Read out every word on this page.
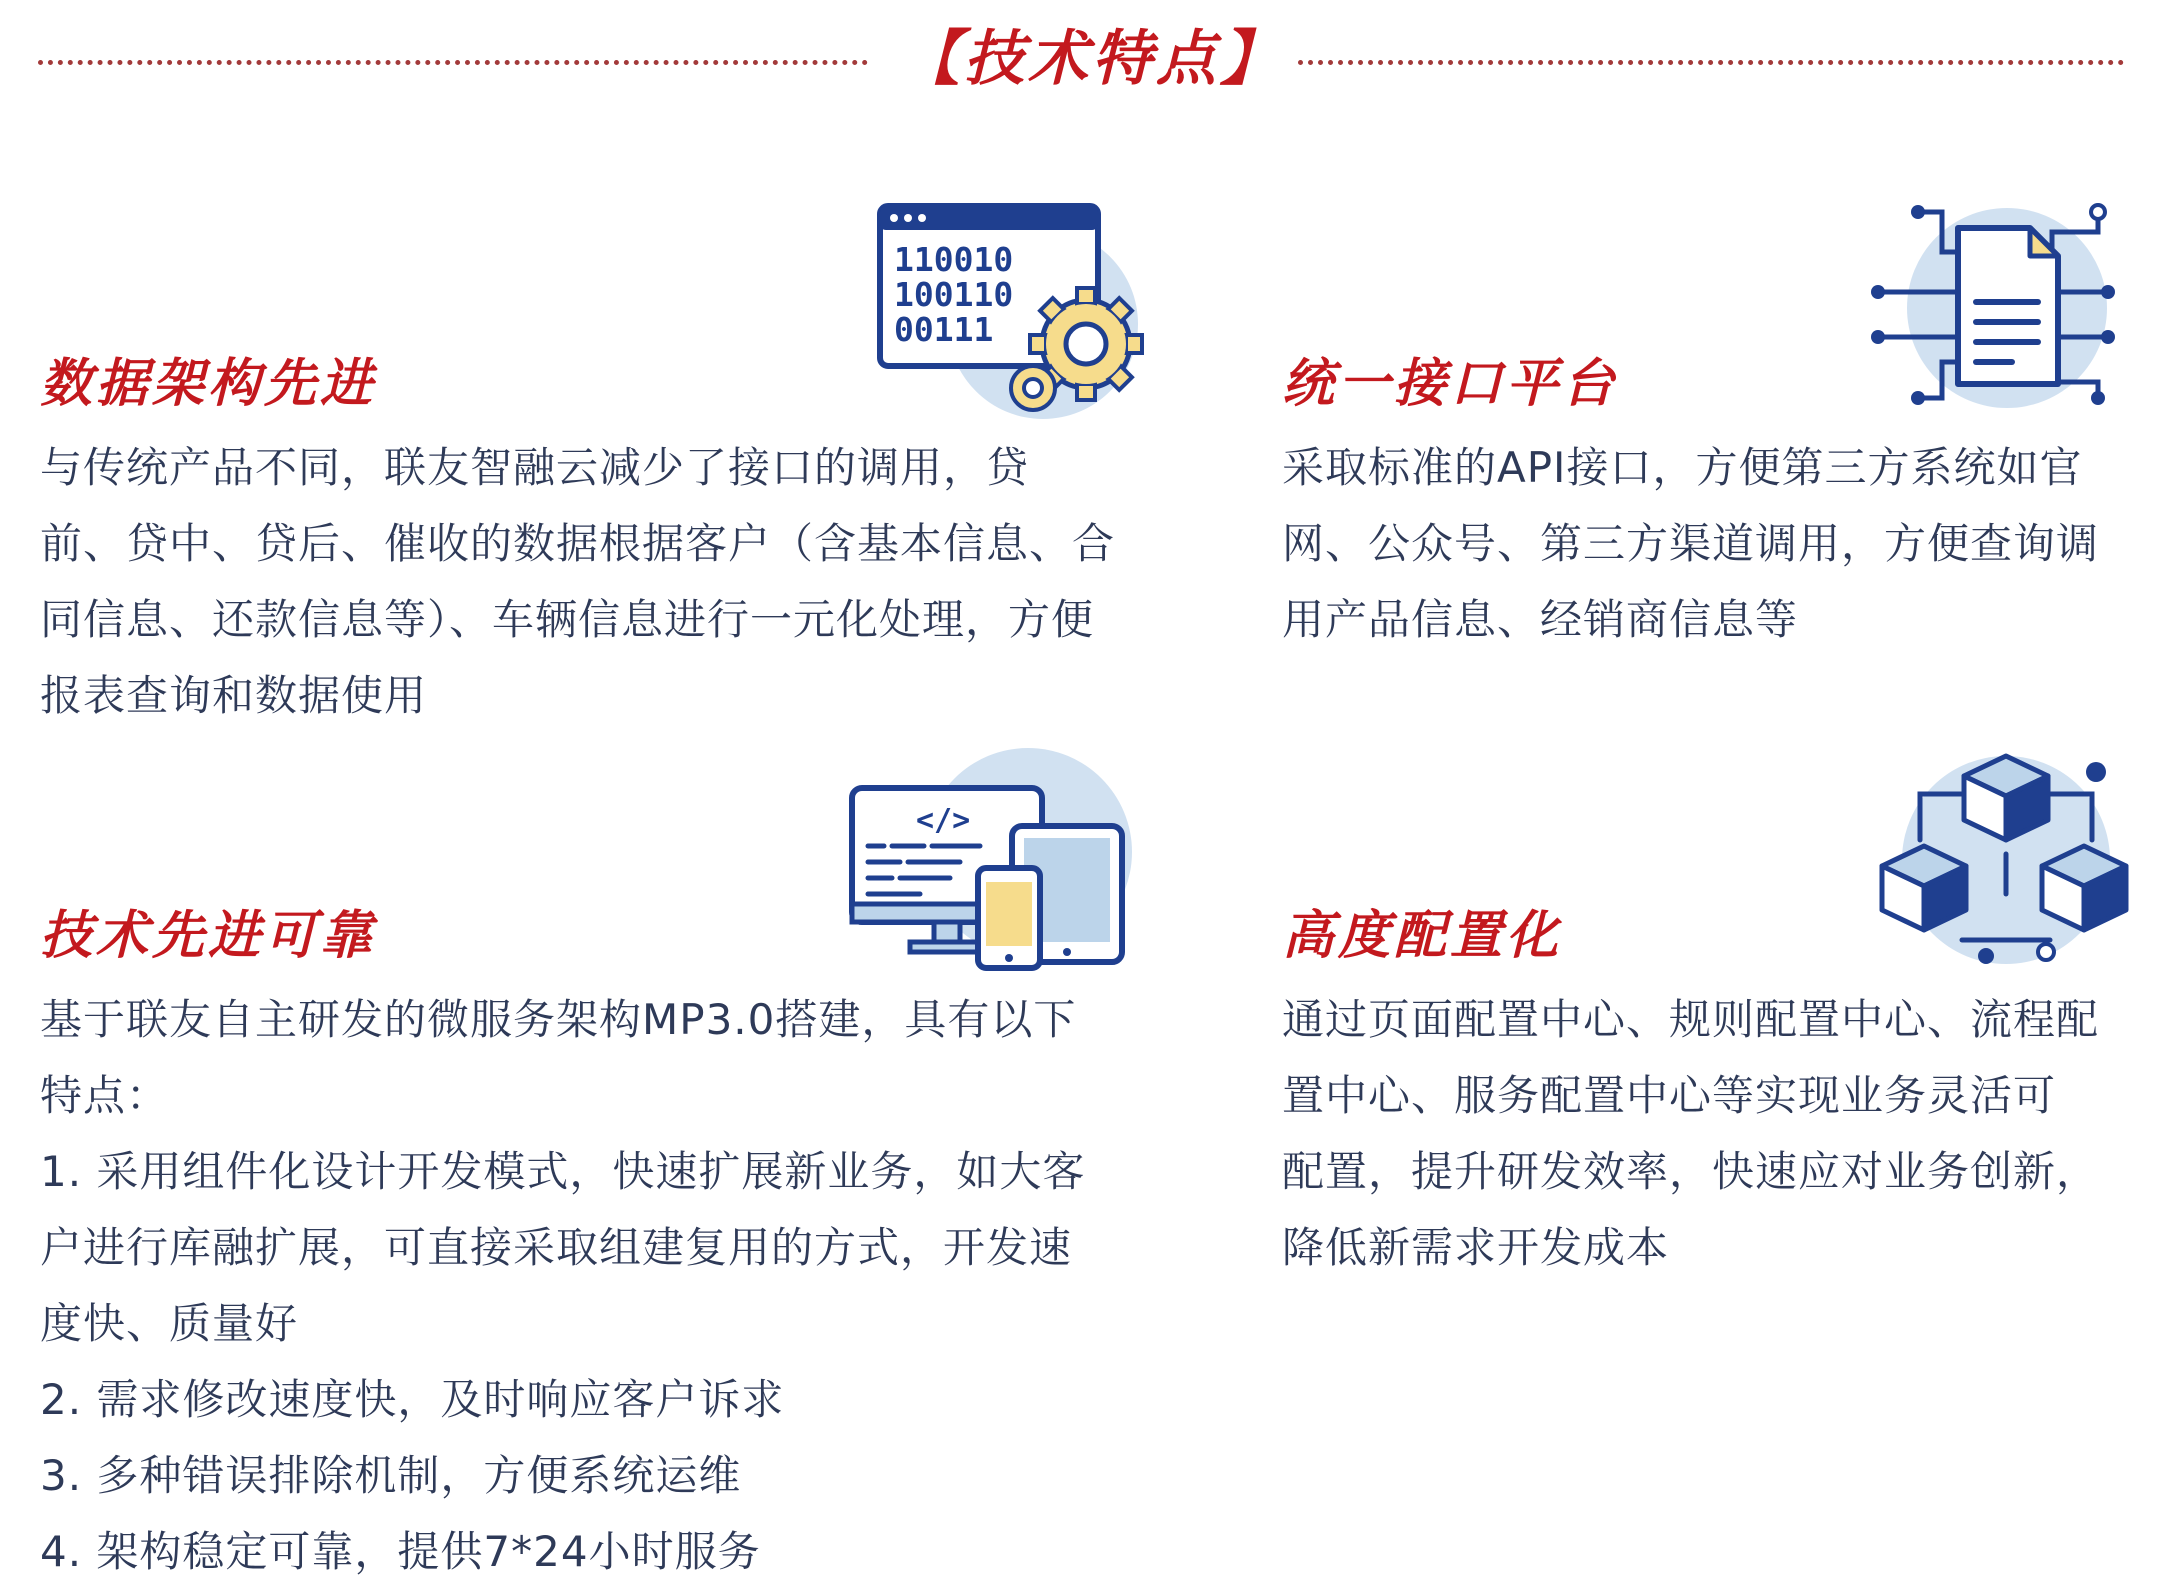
【技术特点】
110010
100110
00111
数据架构先进
与传统产品不同，联友智融云减少了接口的调用，贷
前、贷中、贷后、催收的数据根据客户（含基本信息、合
同信息、还款信息等）、车辆信息进行一元化处理，方便
报表查询和数据使用
统一接口平台
采取标准的API接口，方便第三方系统如官
网、公众号、第三方渠道调用，方便查询调
用产品信息、经销商信息等
</>
技术先进可靠
基于联友自主研发的微服务架构MP3.0搭建，具有以下
特点：
1. 采用组件化设计开发模式，快速扩展新业务，如大客
户进行库融扩展，可直接采取组建复用的方式，开发速
度快、质量好
2. 需求修改速度快，及时响应客户诉求
3. 多种错误排除机制，方便系统运维
4. 架构稳定可靠，提供7*24小时服务
高度配置化
通过页面配置中心、规则配置中心、流程配
置中心、服务配置中心等实现业务灵活可
配置，提升研发效率，快速应对业务创新，
降低新需求开发成本
